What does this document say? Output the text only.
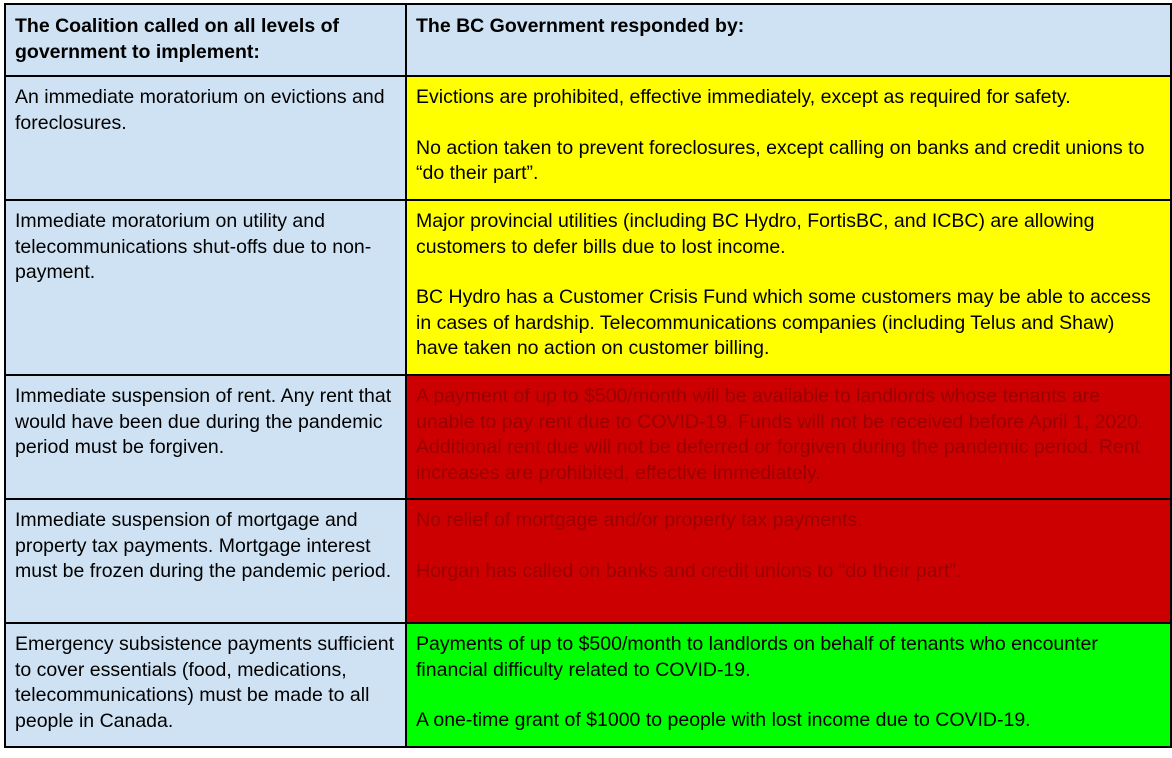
The Coalition called on all levels of government to implement:	The BC Government responded by:

An immediate moratorium on evictions and foreclosures.	Evictions are prohibited, effective immediately, except as required for safety.

No action taken to prevent foreclosures, except calling on banks and credit unions to “do their part”.

Immediate moratorium on utility and telecommunications shut-offs due to non-payment.	Major provincial utilities (including BC Hydro, FortisBC, and ICBC) are allowing customers to defer bills due to lost income.

BC Hydro has a Customer Crisis Fund which some customers may be able to access in cases of hardship. Telecommunications companies (including Telus and Shaw) have taken no action on customer billing.

Immediate suspension of rent. Any rent that would have been due during the pandemic period must be forgiven.	A payment of up to $500/month will be available to landlords whose tenants are unable to pay rent due to COVID-19. Funds will not be received before April 1, 2020. Additional rent due will not be deferred or forgiven during the pandemic period. Rent increases are prohibited, effective immediately.

Immediate suspension of mortgage and property tax payments. Mortgage interest must be frozen during the pandemic period.	No relief of mortgage and/or property tax payments.

Horgan has called on banks and credit unions to “do their part”.

Emergency subsistence payments sufficient to cover essentials (food, medications, telecommunications) must be made to all people in Canada.	Payments of up to $500/month to landlords on behalf of tenants who encounter financial difficulty related to COVID-19.

A one-time grant of $1000 to people with lost income due to COVID-19.
